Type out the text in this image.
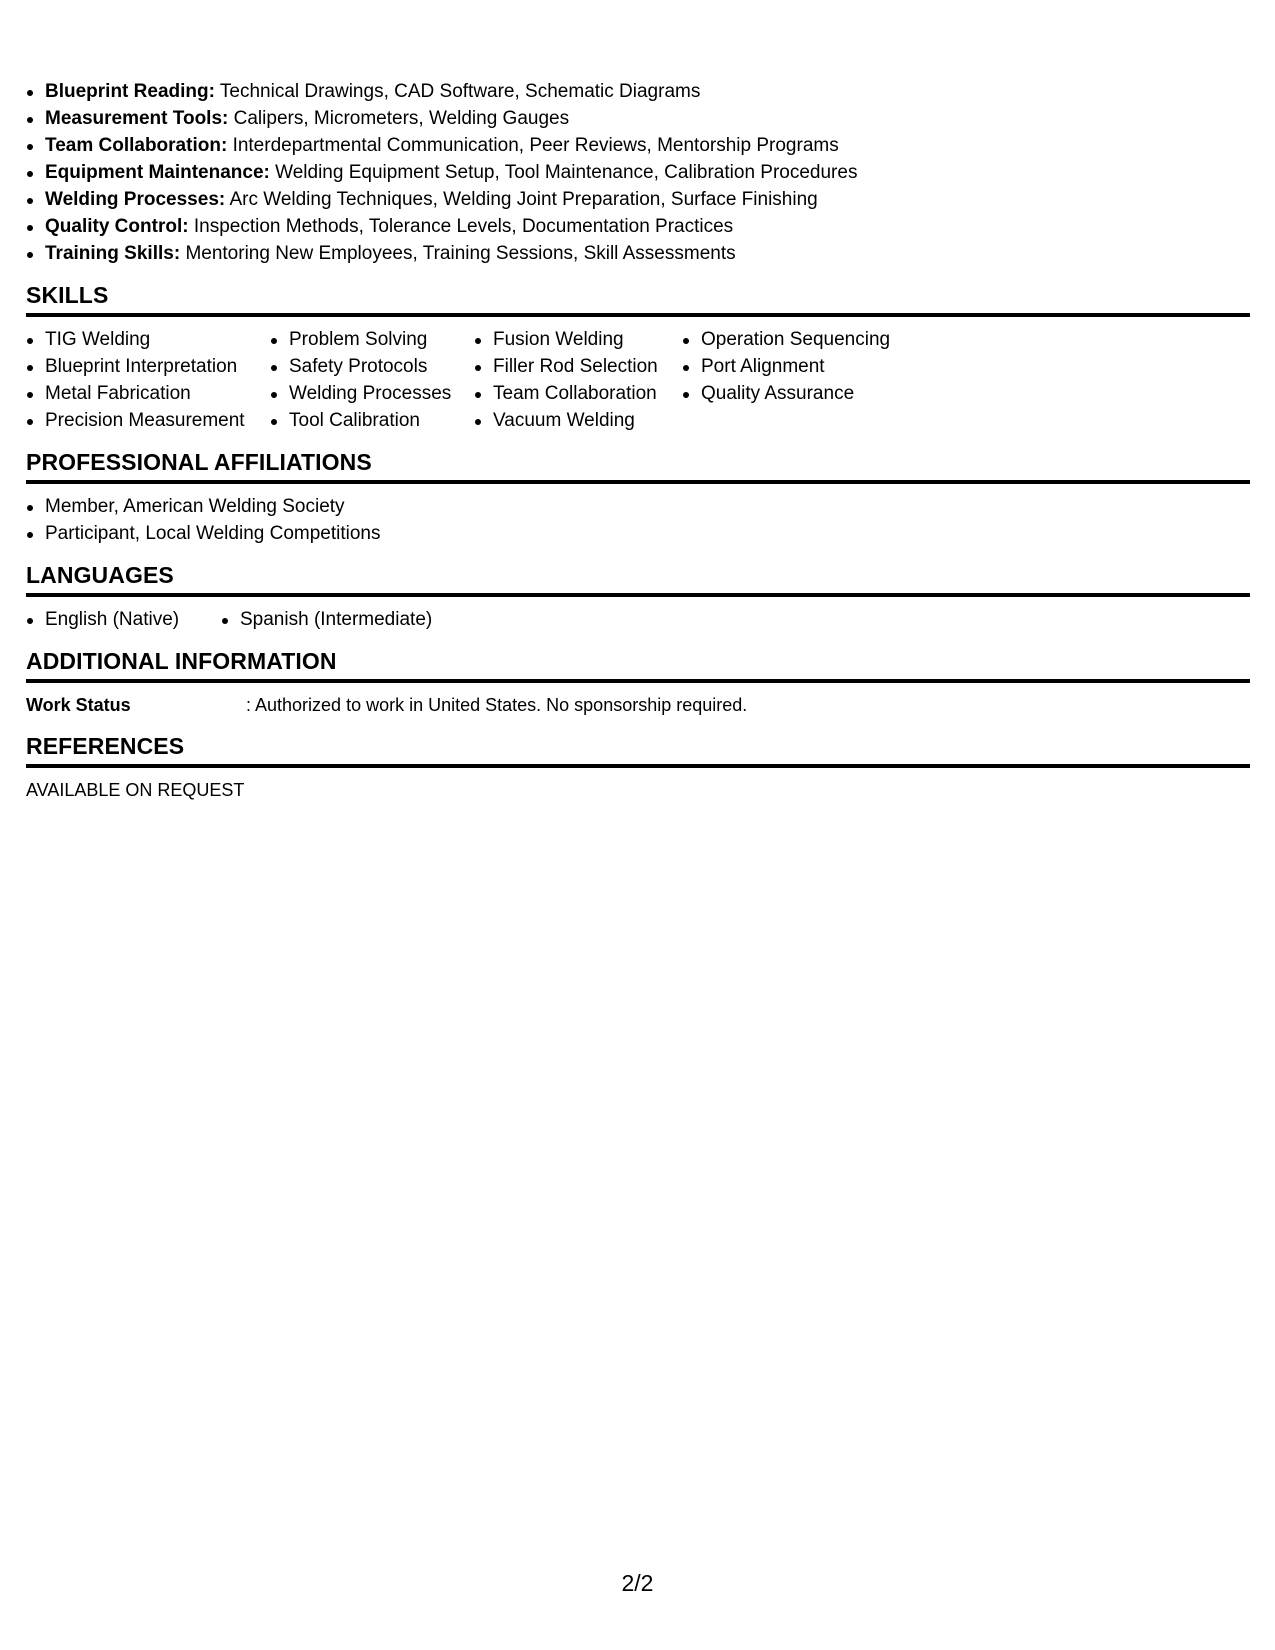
Blueprint Reading: Technical Drawings, CAD Software, Schematic Diagrams
Measurement Tools: Calipers, Micrometers, Welding Gauges
Team Collaboration: Interdepartmental Communication, Peer Reviews, Mentorship Programs
Equipment Maintenance: Welding Equipment Setup, Tool Maintenance, Calibration Procedures
Welding Processes: Arc Welding Techniques, Welding Joint Preparation, Surface Finishing
Quality Control: Inspection Methods, Tolerance Levels, Documentation Practices
Training Skills: Mentoring New Employees, Training Sessions, Skill Assessments
SKILLS
TIG Welding
Blueprint Interpretation
Metal Fabrication
Precision Measurement
Problem Solving
Safety Protocols
Welding Processes
Tool Calibration
Fusion Welding
Filler Rod Selection
Team Collaboration
Vacuum Welding
Operation Sequencing
Port Alignment
Quality Assurance
PROFESSIONAL AFFILIATIONS
Member, American Welding Society
Participant, Local Welding Competitions
LANGUAGES
English (Native)	Spanish (Intermediate)
ADDITIONAL INFORMATION
Work Status	: Authorized to work in United States. No sponsorship required.
REFERENCES
AVAILABLE ON REQUEST
2/2
